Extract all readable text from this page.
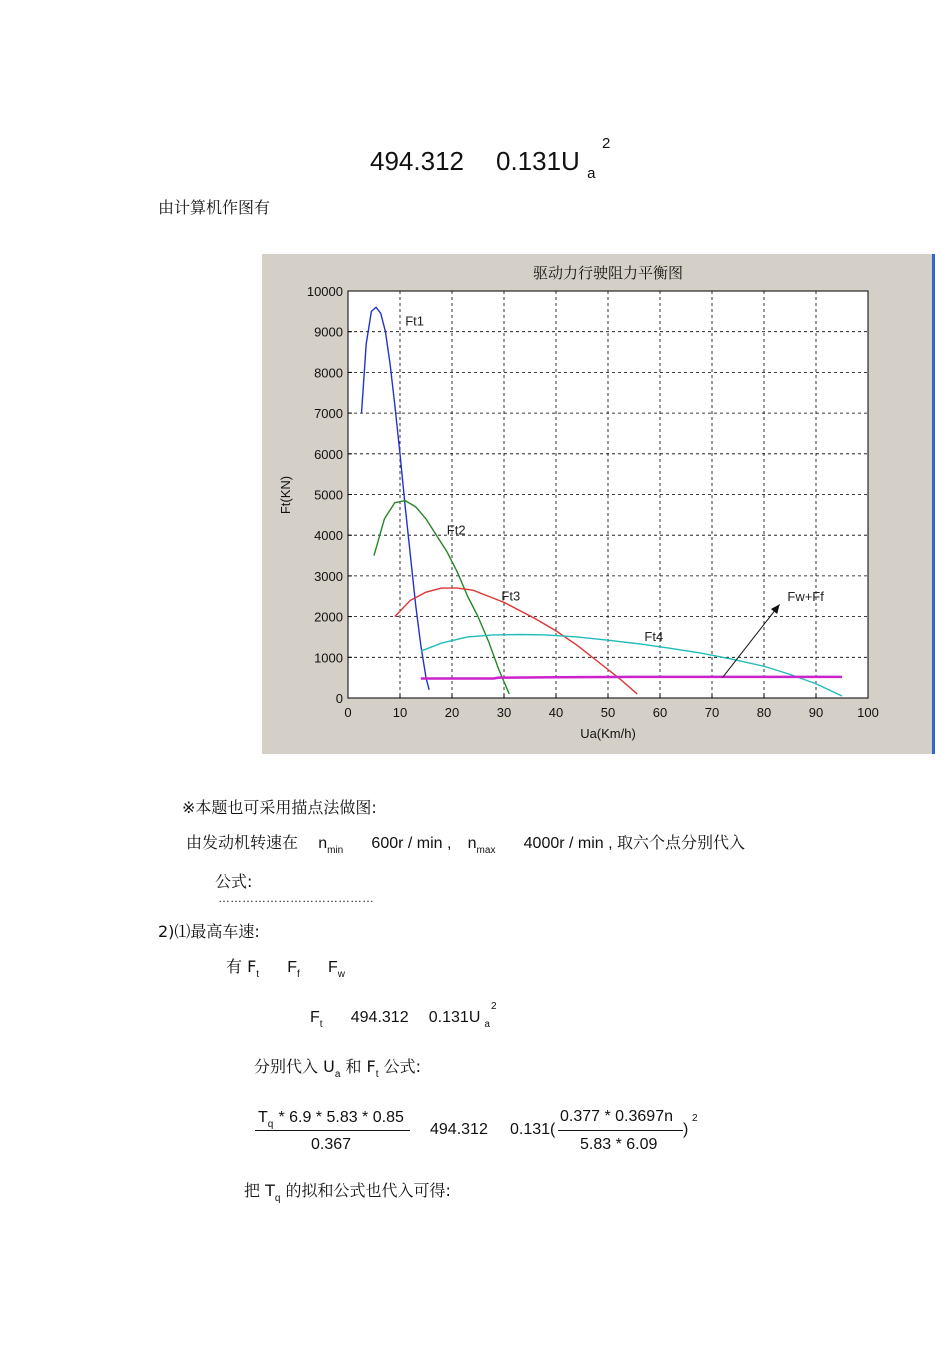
494.312 0.131U $_a$
2
由计算机作图有
驱动力行驶阻力平衡图
Ua(Km/h)
Ft(KN)
0	10	20	30	40	50	60	70	80	90	100
0
1000
2000
3000
4000
5000
6000
7000
8000
9000
10000
Ft1
Ft2
Ft3
Ft4
Fw+Ff
※本题也可采用描点法做图:
由发动机转速在 $n_{min}$ 600r / min , $n_{max}$ 4000r / min , 取六个点分别代入
公式:
…………………………………
2)⑴最高车速:
有 $F_t$ $F_f$ $F_w$
$F_t$ 494.312 0.131U $_a$
2
分别代入 $U_a$ 和 $F_t$ 公式:
$T_q * 6.9 * 5.83 * 0.85$
0.367
494.312 0.131(
0.377 * 0.3697n
5.83 * 6.09
)
2
把 $T_q$ 的拟和公式也代入可得:
